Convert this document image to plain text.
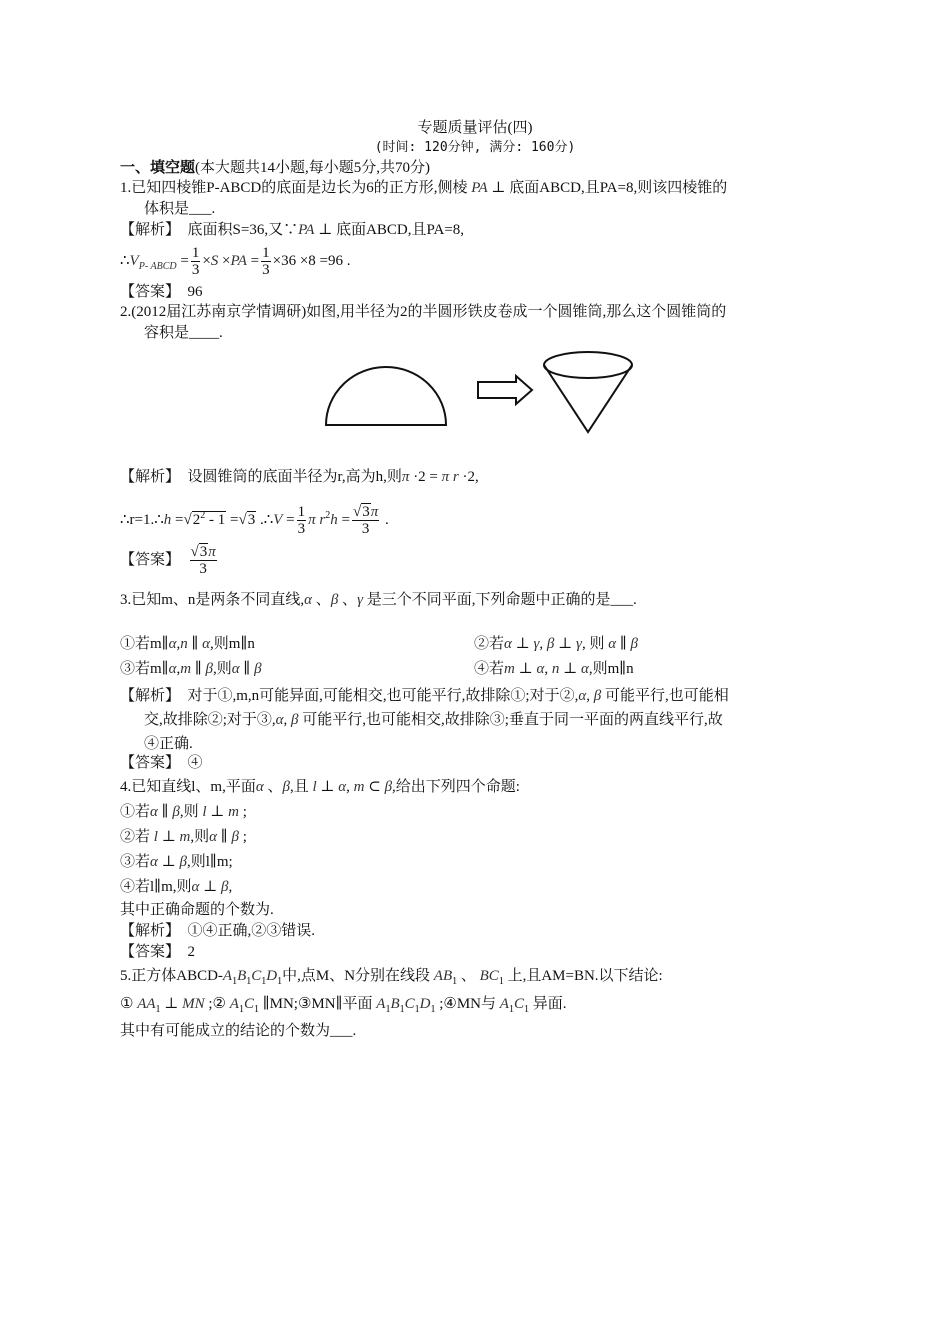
专题质量评估(四)
(时间: 120分钟, 满分: 160分)
一、填空题(本大题共14小题,每小题5分,共70分)
1.已知四棱锥P-ABCD的底面是边长为6的正方形,侧棱 PA ⊥ 底面ABCD,且PA=8,则该四棱锥的
体积是___.
【解析】 底面积S=36,又∵PA ⊥ 底面ABCD,且PA=8,
$\therefore V_{P- ABCD} = \frac{1}{3} \times S \times PA = \frac{1}{3} \times 36 \times 8 =96$ .
【答案】 96
2.(2012届江苏南京学情调研)如图,用半径为2的半圆形铁皮卷成一个圆锥筒,那么这个圆锥筒的
容积是____.
【解析】 设圆锥筒的底面半径为r,高为h,则π ·2 = π r ·2,
∴r=1.∴h $=√2^2 - 1 =√3$ .∴V = $\frac{1}{3}$ π $r^2h = \frac{√3\pi}{3}$ .
【答案】 $\frac{√3\pi}{3}$
3.已知m、n是两条不同直线,α 、β 、γ 是三个不同平面,下列命题中正确的是___.
①若m∥α,n ∥ α,则m∥n	②若α ⊥ γ, β ⊥ γ, 则 α ∥ β
③若m∥α,m ∥ β,则α ∥ β	④若m ⊥ α, n ⊥ α,则m∥n
【解析】 对于①,m,n可能异面,可能相交,也可能平行,故排除①;对于②,α, β 可能平行,也可能相
交,故排除②;对于③,α, β 可能平行,也可能相交,故排除③;垂直于同一平面的两直线平行,故
④正确.
【答案】 ④
4.已知直线l、m,平面α 、β,且 l ⊥ α, m ⊂ β,给出下列四个命题:
①若α ∥ β,则 l ⊥ m ;
②若 l ⊥ m,则α ∥ β ;
③若α ⊥ β,则l∥m;
④若l∥m,则α ⊥ β,
其中正确命题的个数为.
【解析】 ①④正确,②③错误.
【答案】 2
5.正方体ABCD-$A_1B_1C_1D_1$中,点M、N分别在线段 $AB_1$ 、 $BC_1$ 上,且AM=BN.以下结论:
① $AA_1$ ⊥ MN ;② $A_1C_1$ ∥MN;③MN∥平面 $A_1B_1C_1D_1$ ;④MN与 $A_1C_1$ 异面.
其中有可能成立的结论的个数为___.
